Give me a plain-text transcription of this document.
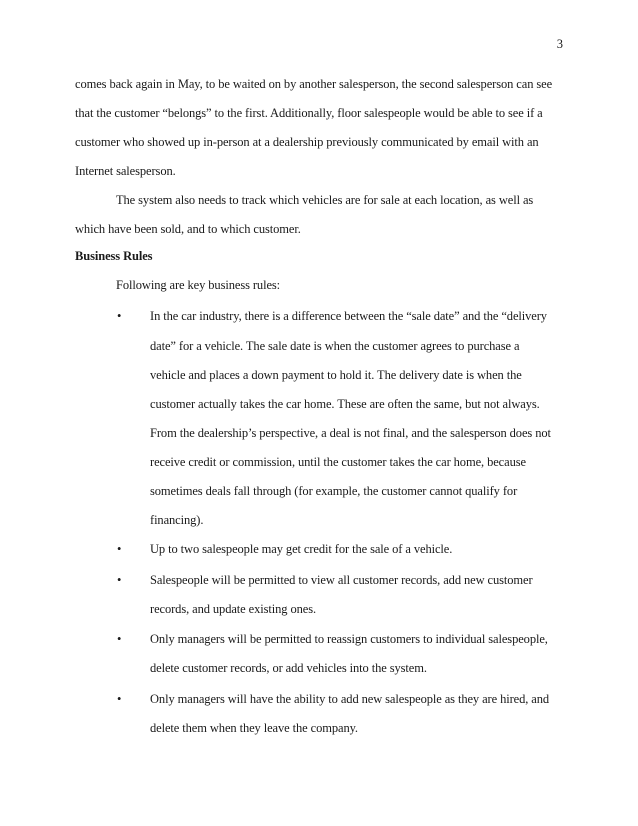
3
comes back again in May, to be waited on by another salesperson, the second salesperson can see
that the customer “belongs” to the first. Additionally, floor salespeople would be able to see if a
customer who showed up in-person at a dealership previously communicated by email with an
Internet salesperson.
The system also needs to track which vehicles are for sale at each location, as well as
which have been sold, and to which customer.
Business Rules
Following are key business rules:
• In the car industry, there is a difference between the “sale date” and the “delivery
date” for a vehicle. The sale date is when the customer agrees to purchase a
vehicle and places a down payment to hold it. The delivery date is when the
customer actually takes the car home. These are often the same, but not always.
From the dealership’s perspective, a deal is not final, and the salesperson does not
receive credit or commission, until the customer takes the car home, because
sometimes deals fall through (for example, the customer cannot qualify for
financing).
• Up to two salespeople may get credit for the sale of a vehicle.
• Salespeople will be permitted to view all customer records, add new customer
records, and update existing ones.
• Only managers will be permitted to reassign customers to individual salespeople,
delete customer records, or add vehicles into the system.
• Only managers will have the ability to add new salespeople as they are hired, and
delete them when they leave the company.
